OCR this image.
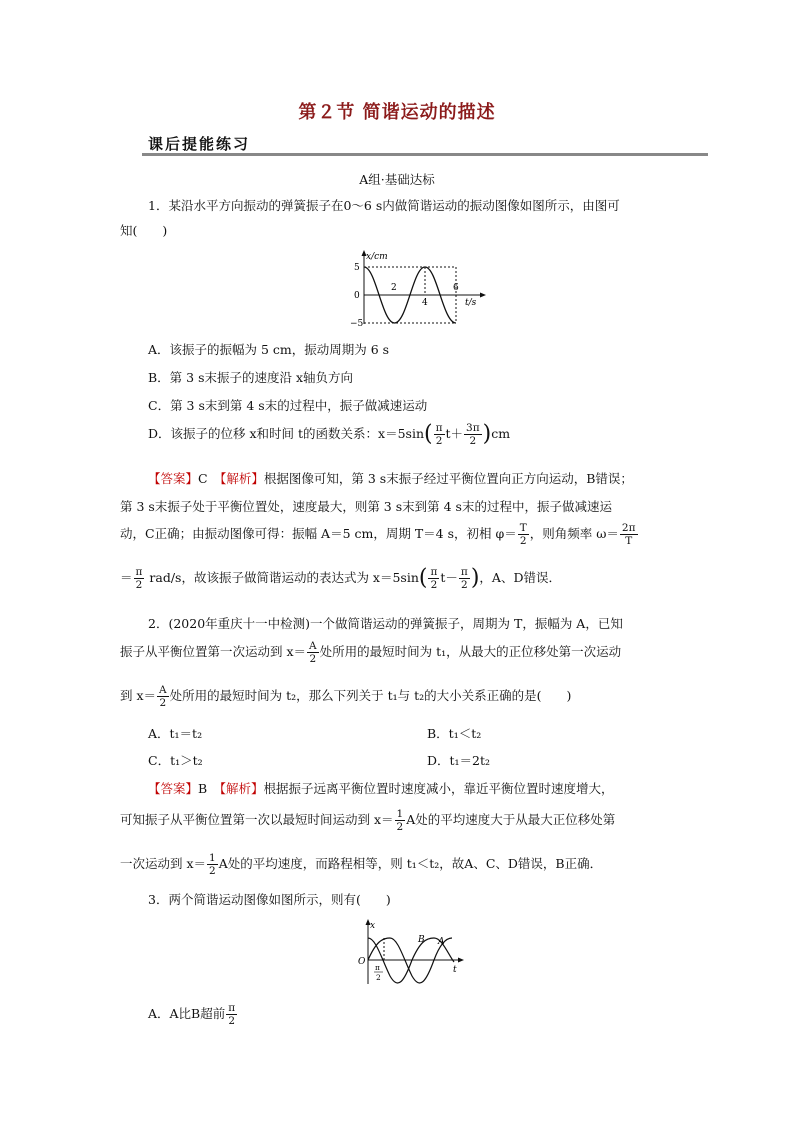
第２节 简谐运动的描述
课后提能练习
A组·基础达标
1．某沿水平方向振动的弹簧振子在0～6 s内做简谐运动的振动图像如图所示，由图可
知(　　)
x/cm
t/s
5
0
−5
2
4
6
A．该振子的振幅为 5 cm，振动周期为 6 s
B．第 3 s末振子的速度沿 x轴负方向
C．第 3 s末到第 4 s末的过程中，振子做减速运动
D．该振子的位移 x和时间 t的函数关系：$x=5\sin( \frac{\pi}{2} t+ \frac{3\pi}{2} )cm$
【答案】C　 【解析】根据图像可知，第 3 s末振子经过平衡位置向正方向运动，B错误；
第 3 s末振子处于平衡位置处，速度最大，则第 3 s末到第 4 s末的过程中，振子做减速运
动，C正确；由振动图像可得：振幅 A＝5 cm，周期 T＝4 s，初相 $\varphi= \frac{T}{2}$ ，则角频率 $\omega= \frac{2\pi}{T}$
＝ $\frac{\pi}{2} rad/s$，故该振子做简谐运动的表达式为 $x=5\sin( \frac{\pi}{2} t- \frac{\pi}{2}$ )，A、D错误．
2．(2020年重庆十一中检测)一个做简谐运动的弹簧振子，周期为 T，振幅为 A，已知
振子从平衡位置第一次运动到 $x= \frac{A}{2}$ 处所用的最短时间为 t₁，从最大的正位移处第一次运动
到 $x= \frac{A}{2}$ 处所用的最短时间为 t₂，那么下列关于 t₁与 t₂的大小关系正确的是(　　)
A．t₁＝t₂	B．t₁＜t₂
C．t₁＞t₂	D．t₁＝2t₂
【答案】B　 【解析】根据振子远离平衡位置时速度减小，靠近平衡位置时速度增大，
可知振子从平衡位置第一次以最短时间运动到 $x= \frac{1}{2}$ A处的平均速度大于从最大正位移处第
一次运动到 $x= \frac{1}{2}$ A处的平均速度，而路程相等，则 t₁＜t₂，故A、C、D错误，B正确．
3．两个简谐运动图像如图所示，则有(　　)
x
t
O
B A
π
2
A．A比B超前 $\frac{\pi}{2}$
